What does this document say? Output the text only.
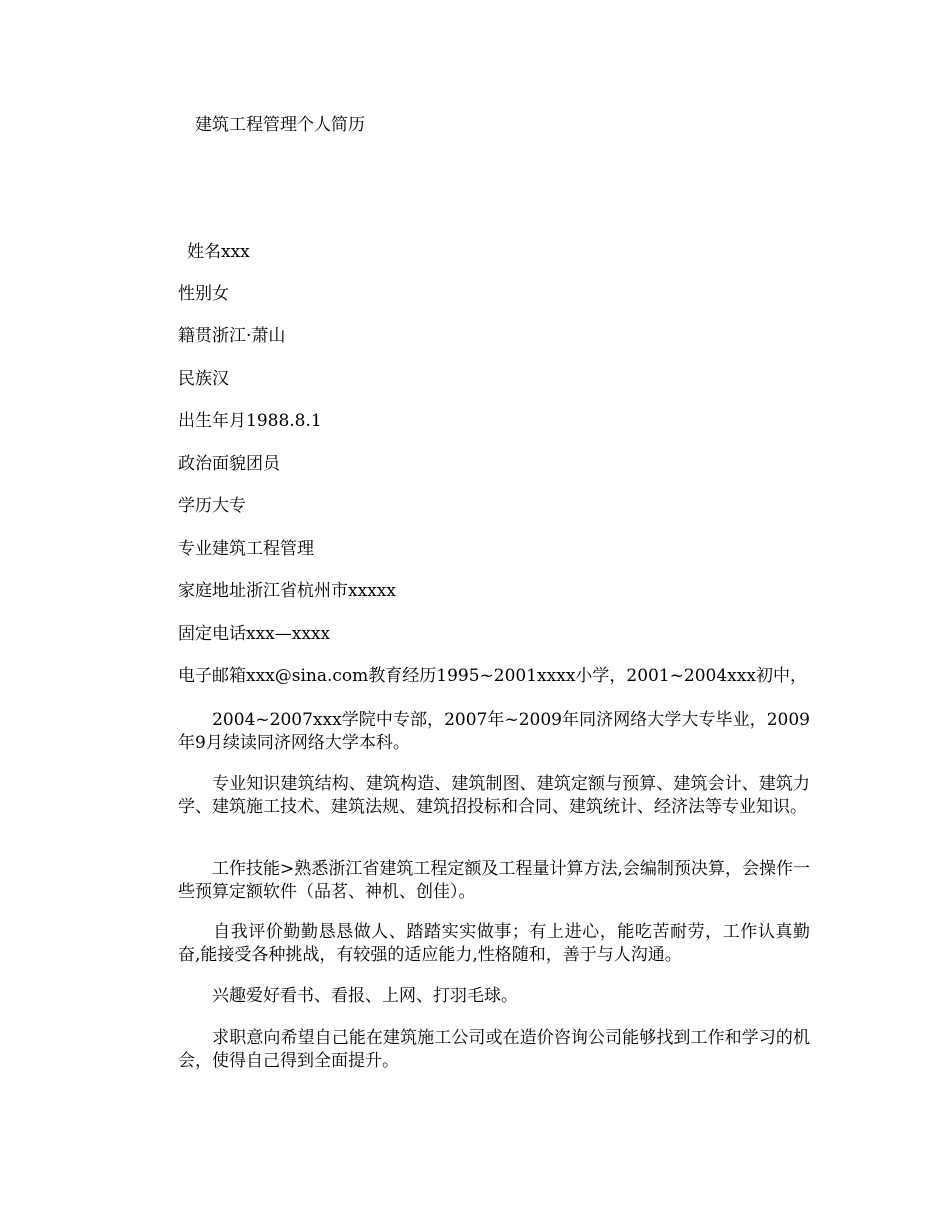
建筑工程管理个人简历
姓名xxx
性别女
籍贯浙江·萧山
民族汉
出生年月1988.8.1
政治面貌团员
学历大专
专业建筑工程管理
家庭地址浙江省杭州市xxxxx
固定电话xxx—xxxx
电子邮箱xxx@sina.com教育经历1995~2001xxxx小学，2001~2004xxx初中，
　　2004~2007xxx学院中专部，2007年~2009年同济网络大学大专毕业，2009年9月续读同济网络大学本科。
　　专业知识建筑结构、建筑构造、建筑制图、建筑定额与预算、建筑会计、建筑力学、建筑施工技术、建筑法规、建筑招投标和合同、建筑统计、经济法等专业知识。
　　工作技能>熟悉浙江省建筑工程定额及工程量计算方法,会编制预决算，会操作一些预算定额软件（品茗、神机、创佳）。
　　自我评价勤勤恳恳做人、踏踏实实做事；有上进心，能吃苦耐劳，工作认真勤奋,能接受各种挑战，有较强的适应能力,性格随和，善于与人沟通。
　　兴趣爱好看书、看报、上网、打羽毛球。
　　求职意向希望自己能在建筑施工公司或在造价咨询公司能够找到工作和学习的机会，使得自己得到全面提升。
